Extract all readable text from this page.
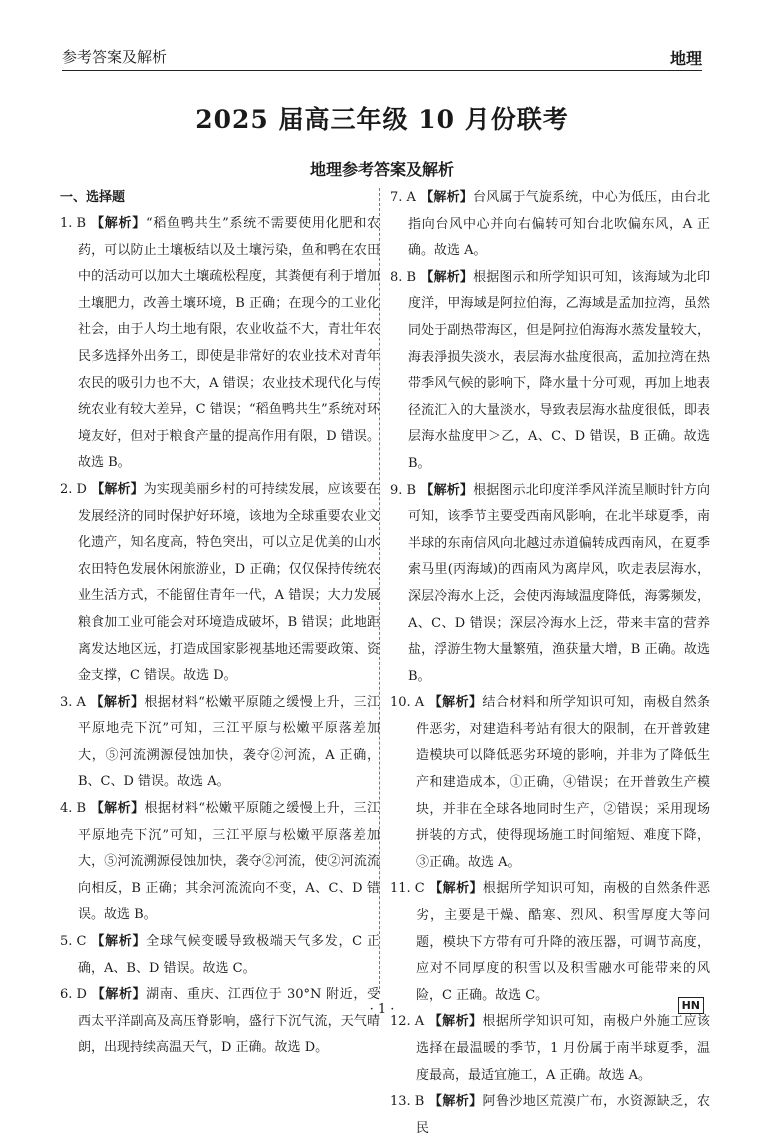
参考答案及解析	地理
2025 届高三年级 10 月份联考
地理参考答案及解析
一、选择题

1. B 【解析】“稻鱼鸭共生”系统不需要使用化肥和农药，可以防止土壤板结以及土壤污染，鱼和鸭在农田中的活动可以加大土壤疏松程度，其粪便有利于增加土壤肥力，改善土壤环境，B 正确；在现今的工业化社会，由于人均土地有限，农业收益不大，青壮年农民多选择外出务工，即使是非常好的农业技术对青年农民的吸引力也不大，A 错误；农业技术现代化与传统农业有较大差异，C 错误；“稻鱼鸭共生”系统对环境友好，但对于粮食产量的提高作用有限，D 错误。故选 B。

2. D 【解析】为实现美丽乡村的可持续发展，应该要在发展经济的同时保护好环境，该地为全球重要农业文化遗产，知名度高，特色突出，可以立足优美的山水农田特色发展休闲旅游业，D 正确；仅仅保持传统农业生活方式，不能留住青年一代，A 错误；大力发展粮食加工业可能会对环境造成破坏，B 错误；此地距离发达地区远，打造成国家影视基地还需要政策、资金支撑，C 错误。故选 D。

3. A 【解析】根据材料“松嫩平原随之缓慢上升，三江平原地壳下沉”可知，三江平原与松嫩平原落差加大，⑤河流溯源侵蚀加快，袭夺②河流，A 正确，B、C、D 错误。故选 A。

4. B 【解析】根据材料“松嫩平原随之缓慢上升，三江平原地壳下沉”可知，三江平原与松嫩平原落差加大，⑤河流溯源侵蚀加快，袭夺②河流，使②河流流向相反，B 正确；其余河流流向不变，A、C、D 错误。故选 B。

5. C 【解析】全球气候变暖导致极端天气多发，C 正确，A、B、D 错误。故选 C。

6. D 【解析】湖南、重庆、江西位于 30°N 附近，受西太平洋副高及高压脊影响，盛行下沉气流，天气晴朗，出现持续高温天气，D 正确。故选 D。

7. A 【解析】台风属于气旋系统，中心为低压，由台北指向台风中心并向右偏转可知台北吹偏东风，A 正确。故选 A。

8. B 【解析】根据图示和所学知识可知，该海域为北印度洋，甲海域是阿拉伯海，乙海域是孟加拉湾，虽然同处于副热带海区，但是阿拉伯海海水蒸发量较大，海表淨损失淡水，表层海水盐度很高，孟加拉湾在热带季风气候的影响下，降水量十分可观，再加上地表径流汇入的大量淡水，导致表层海水盐度很低，即表层海水盐度甲＞乙，A、C、D 错误，B 正确。故选 B。

9. B 【解析】根据图示北印度洋季风洋流呈顺时针方向可知，该季节主要受西南风影响，在北半球夏季，南半球的东南信风向北越过赤道偏转成西南风，在夏季索马里(丙海域)的西南风为离岸风，吹走表层海水，深层冷海水上泛，会使丙海域温度降低，海雾频发，A、C、D 错误；深层冷海水上泛，带来丰富的营养盐，浮游生物大量繁殖，渔获量大增，B 正确。故选 B。

10. A 【解析】结合材料和所学知识可知，南极自然条件恶劣，对建造科考站有很大的限制，在开普敦建造模块可以降低恶劣环境的影响，并非为了降低生产和建造成本，①正确，④错误；在开普敦生产模块，并非在全球各地同时生产，②错误；采用现场拼装的方式，使得现场施工时间缩短、难度下降，③正确。故选 A。

11. C 【解析】根据所学知识可知，南极的自然条件恶劣，主要是干燥、酷寒、烈风、积雪厚度大等问题，模块下方带有可升降的液压器，可调节高度，应对不同厚度的积雪以及积雪融水可能带来的风险，C 正确。故选 C。

12. A 【解析】根据所学知识可知，南极户外施工应该选择在最温暖的季节，1 月份属于南半球夏季，温度最高，最适宜施工，A 正确。故选 A。

13. B 【解析】阿鲁沙地区荒漠广布，水资源缺乏，农民

· 1 ·	HN
